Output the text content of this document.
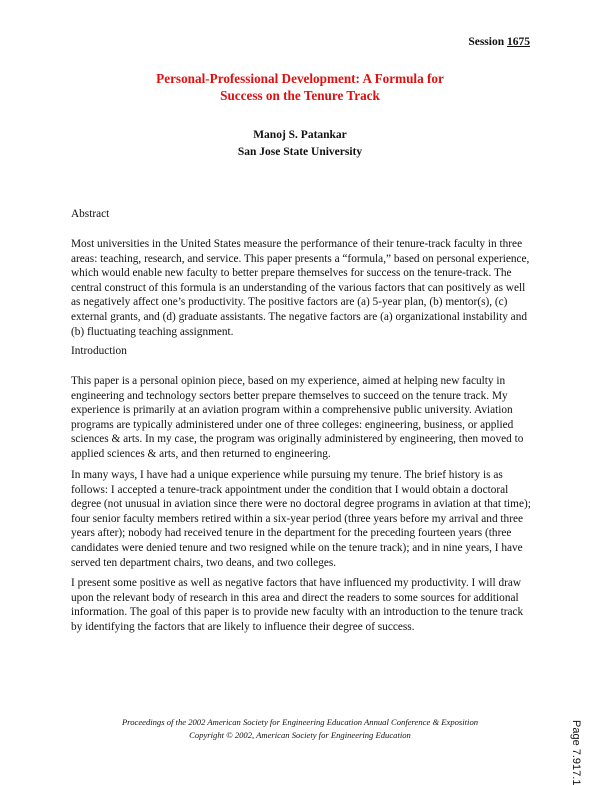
Session 1675
Personal-Professional Development: A Formula for
Success on the Tenure Track
Manoj S. Patankar
San Jose State University
Abstract

Most universities in the United States measure the performance of their tenure-track faculty in three areas: teaching, research, and service. This paper presents a “formula,” based on personal experience, which would enable new faculty to better prepare themselves for success on the tenure-track. The central construct of this formula is an understanding of the various factors that can positively as well as negatively affect one’s productivity. The positive factors are (a) 5-year plan, (b) mentor(s), (c) external grants, and (d) graduate assistants. The negative factors are (a) organizational instability and (b) fluctuating teaching assignment.

Introduction

This paper is a personal opinion piece, based on my experience, aimed at helping new faculty in engineering and technology sectors better prepare themselves to succeed on the tenure track. My experience is primarily at an aviation program within a comprehensive public university. Aviation programs are typically administered under one of three colleges: engineering, business, or applied sciences & arts. In my case, the program was originally administered by engineering, then moved to applied sciences & arts, and then returned to engineering.

In many ways, I have had a unique experience while pursuing my tenure. The brief history is as follows: I accepted a tenure-track appointment under the condition that I would obtain a doctoral degree (not unusual in aviation since there were no doctoral degree programs in aviation at that time); four senior faculty members retired within a six-year period (three years before my arrival and three years after); nobody had received tenure in the department for the preceding fourteen years (three candidates were denied tenure and two resigned while on the tenure track); and in nine years, I have served ten department chairs, two deans, and two colleges.

I present some positive as well as negative factors that have influenced my productivity. I will draw upon the relevant body of research in this area and direct the readers to some sources for additional information. The goal of this paper is to provide new faculty with an introduction to the tenure track by identifying the factors that are likely to influence their degree of success.

Proceedings of the 2002 American Society for Engineering Education Annual Conference & Exposition
Copyright © 2002, American Society for Engineering Education	Page 7.917.1
